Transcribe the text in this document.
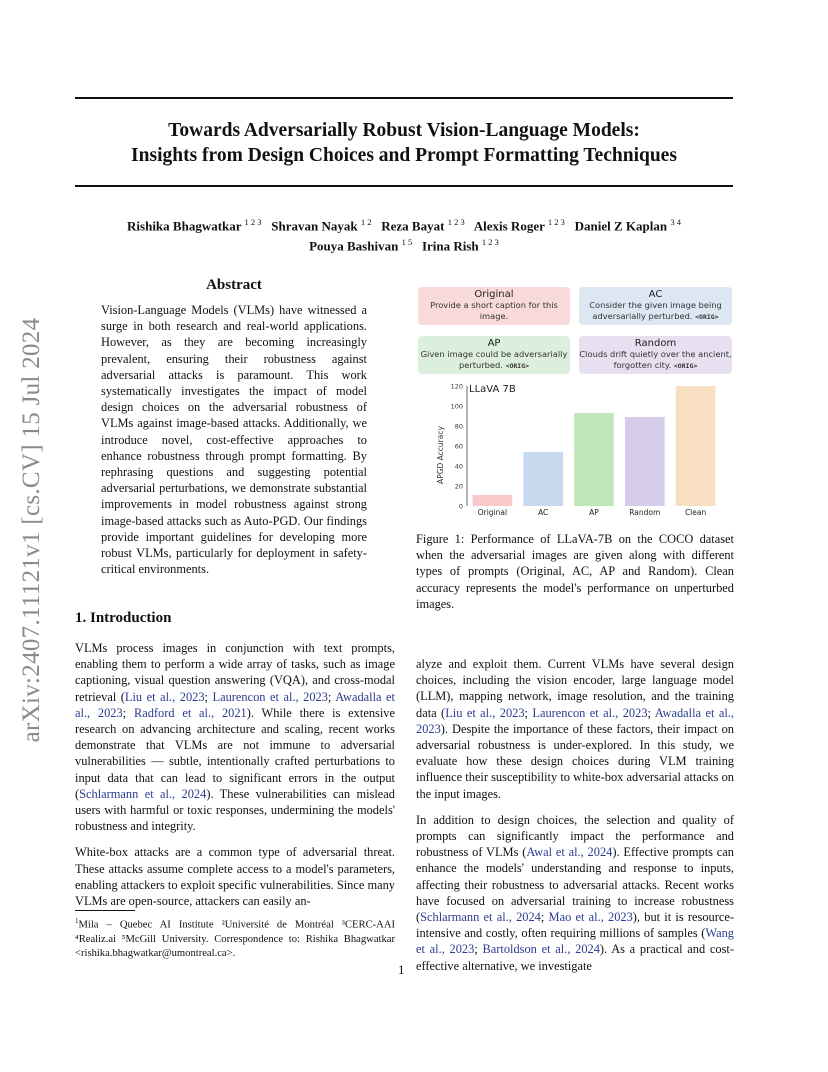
Towards Adversarially Robust Vision-Language Models:
Insights from Design Choices and Prompt Formatting Techniques
Rishika Bhagwatkar $^{1 2 3}$ Shravan Nayak $^{1 2}$ Reza Bayat $^{1 2 3}$ Alexis Roger $^{1 2 3}$ Daniel Z Kaplan $^{3 4}$
Pouya Bashivan $^{1 5}$ Irina Rish $^{1 2 3}$
arXiv:2407.11121v1 [cs.CV] 15 Jul 2024
Abstract
Vision-Language Models (VLMs) have witnessed a surge in both research and real-world applications. However, as they are becoming increasingly prevalent, ensuring their robustness against adversarial attacks is paramount. This work systematically investigates the impact of model design choices on the adversarial robustness of VLMs against image-based attacks. Additionally, we introduce novel, cost-effective approaches to enhance robustness through prompt formatting. By rephrasing questions and suggesting potential adversarial perturbations, we demonstrate substantial improvements in model robustness against strong image-based attacks such as Auto-PGD. Our findings provide important guidelines for developing more robust VLMs, particularly for deployment in safety-critical environments.
1. Introduction

VLMs process images in conjunction with text prompts, enabling them to perform a wide array of tasks, such as image captioning, visual question answering (VQA), and cross-modal retrieval (Liu et al., 2023; Laurencon et al., 2023; Awadalla et al., 2023; Radford et al., 2021). While there is extensive research on advancing architecture and scaling, recent works demonstrate that VLMs are not immune to adversarial vulnerabilities — subtle, intentionally crafted perturbations to input data that can lead to significant errors in the output (Schlarmann et al., 2024). These vulnerabilities can mislead users with harmful or toxic responses, undermining the models' robustness and integrity.

White-box attacks are a common type of adversarial threat. These attacks assume complete access to a model's parameters, enabling attackers to exploit specific vulnerabilities. Since many VLMs are open-source, attackers can easily an-

$^1$Mila – Quebec AI Institute ²Université de Montréal ³CERC-AAI ⁴Realiz.ai ⁵McGill University. Correspondence to: Rishika Bhagwatkar <rishika.bhagwatkar@umontreal.ca>.

alyze and exploit them. Current VLMs have several design choices, including the vision encoder, large language model (LLM), mapping network, image resolution, and the training data (Liu et al., 2023; Laurencon et al., 2023; Awadalla et al., 2023). Despite the importance of these factors, their impact on adversarial robustness is under-explored. In this study, we evaluate how these design choices during VLM training influence their susceptibility to white-box adversarial attacks on the input images.

In addition to design choices, the selection and quality of prompts can significantly impact the performance and robustness of VLMs (Awal et al., 2024). Effective prompts can enhance the models' understanding and response to inputs, affecting their robustness to adversarial attacks. Recent works have focused on adversarial training to increase robustness (Schlarmann et al., 2024; Mao et al., 2023), but it is resource-intensive and costly, often requiring millions of samples (Wang et al., 2023; Bartoldson et al., 2024). As a practical and cost-effective alternative, we investigate

1
Original
Provide a short caption for this image.
AC
Consider the given image being adversarially perturbed. <ORIG>
AP
Given image could be adversarially perturbed. <ORIG>
Random
Clouds drift quietly over the ancient, forgotten city. <ORIG>
0
20
40
60
80
100
120
Original	AC	AP	Random	Clean
LLaVA 7B
APGD Accuracy
Figure 1: Performance of LLaVA-7B on the COCO dataset when the adversarial images are given along with different types of prompts (Original, AC, AP and Random). Clean accuracy represents the model's performance on unperturbed images.
